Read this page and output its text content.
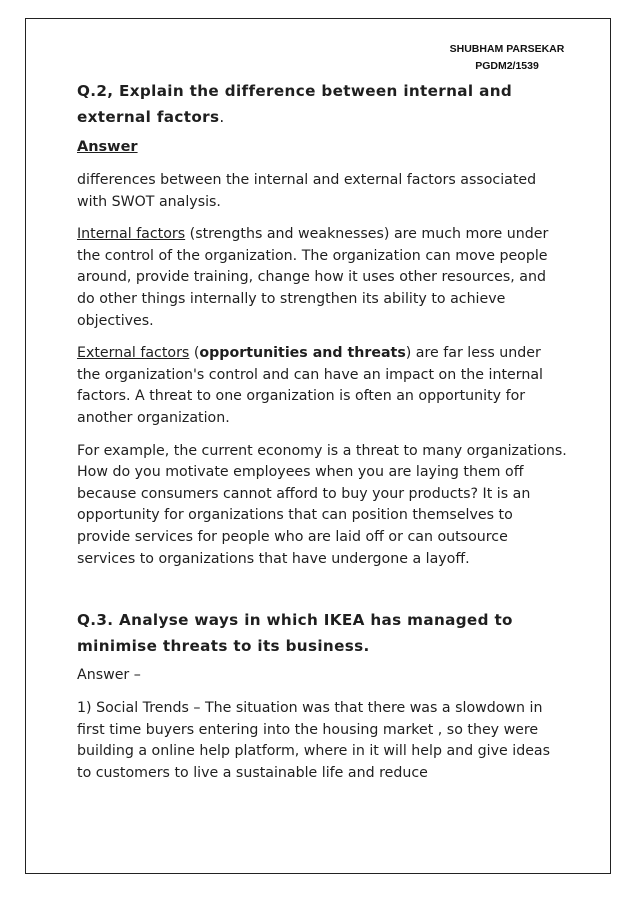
SHUBHAM PARSEKAR
PGDM2/1539

Q.2, Explain the difference between internal and external factors.

Answer

differences between the internal and external factors associated with SWOT analysis.

Internal factors (strengths and weaknesses) are much more under the control of the organization. The organization can move people around, provide training, change how it uses other resources, and do other things internally to strengthen its ability to achieve objectives.

External factors (opportunities and threats) are far less under the organization's control and can have an impact on the internal factors. A threat to one organization is often an opportunity for another organization.

For example, the current economy is a threat to many organizations. How do you motivate employees when you are laying them off because consumers cannot afford to buy your products? It is an opportunity for organizations that can position themselves to provide services for people who are laid off or can outsource services to organizations that have undergone a layoff.

Q.3. Analyse ways in which IKEA has managed to minimise threats to its business.

Answer –

1) Social Trends – The situation was that there was a slowdown in first time buyers entering into the housing market , so they were building a online help platform, where in it will help and give ideas to customers to live a sustainable life and reduce
